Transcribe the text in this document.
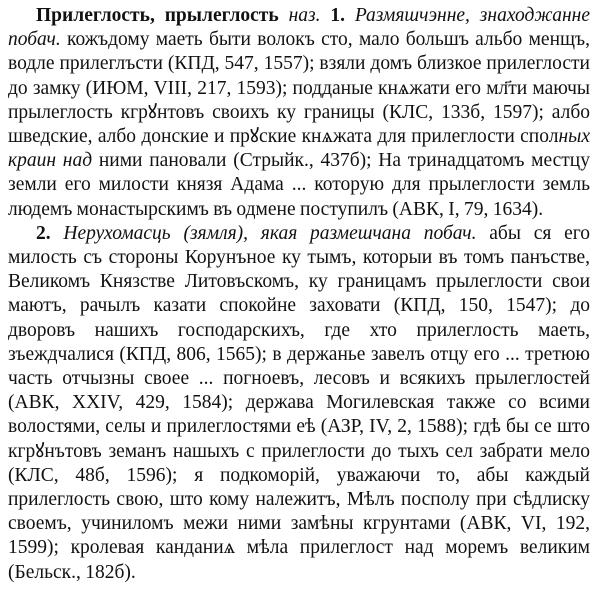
Прилеглость, прылеглость наз. 1. Размяшчэнне, знаходжанне побач. кожъдому маеть быти волокъ сто, мало большъ альбо менщъ, водле прилеглъсти (КПД, 547, 1557); взяли домъ близкое прилеглости до замку (ИЮМ, VIII, 217, 1593); подданые кнѧжати его мл҃ти маючы прылеглость кгрꙋнтовъ своихъ ку границы (КЛС, 133б, 1597); албо шведские, албо донские и прꙋские кнѧжата для прилеглости сполных краин над ними пановали (Стрыйк., 437б); На тринадцатомъ местцу земли его милости князя Адама ... которую для прылеглости земль людемъ монастырскимъ въ одмене поступилъ (АВК, I, 79, 1634).

2. Нерухомасць (зямля), якая размешчана побач. абы ся его милость съ стороны Корунъное ку тымъ, которыи въ томъ панъстве, Великомъ Князстве Литовъскомъ, ку границамъ прылеглости свои маютъ, рачылъ казати спокойне заховати (КПД, 150, 1547); до дворовъ нашихъ господарскихъ, где хто прилеглость маеть, зъеждчалися (КПД, 806, 1565); в держанье завелъ отцу его ... третюю часть отчызны своее ... погноевъ, лесовъ и всякихъ прылеглостей (АВК, XXIV, 429, 1584); держава Могилевская также со всими волостями, селы и прилеглостями еѣ (АЗР, IV, 2, 1588); гдѣ бы се што кгрꙋнътовъ земанъ нашыхъ с прилеглости до тыхъ сел забрати мело (КЛС, 48б, 1596); я подкоморій, уважаючи то, абы каждый прилеглость свою, што кому належитъ, Мѣлъ посполу при сѣдлиску своемъ, учиниломъ межи ними замѣны кгрунтами (АВК, VI, 192, 1599); кролевая канданиѧ мѣла прилеглост над моремъ великим (Бельск., 182б).
